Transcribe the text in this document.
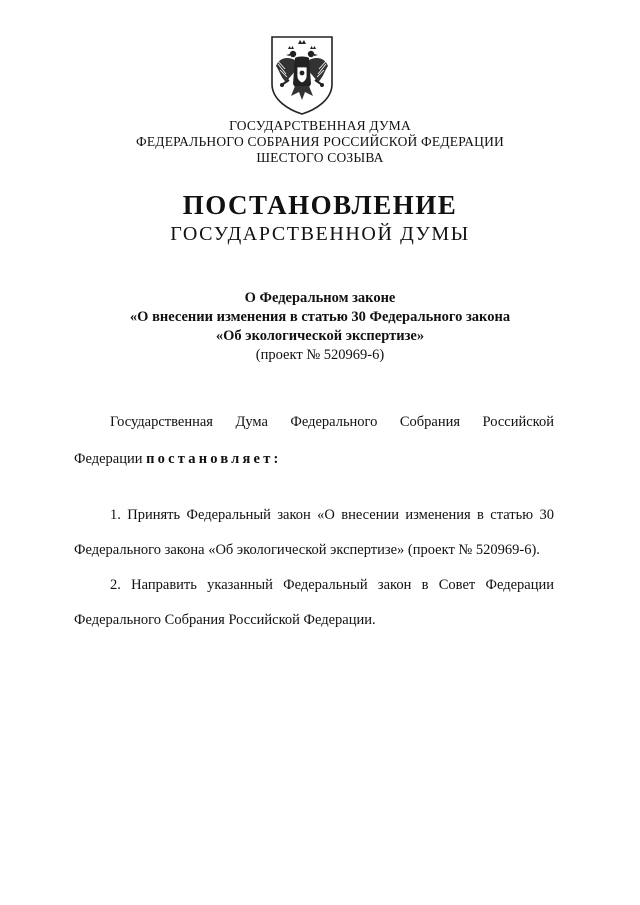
ГОСУДАРСТВЕННАЯ ДУМА
ФЕДЕРАЛЬНОГО СОБРАНИЯ РОССИЙСКОЙ ФЕДЕРАЦИИ
ШЕСТОГО СОЗЫВА
ПОСТАНОВЛЕНИЕ
ГОСУДАРСТВЕННОЙ ДУМЫ
О Федеральном законе
«О внесении изменения в статью 30 Федерального закона
«Об экологической экспертизе»
(проект № 520969-6)
Государственная Дума Федерального Собрания Российской
Федерации постановляет:
1. Принять Федеральный закон «О внесении изменения в статью 30
Федерального закона «Об экологической экспертизе» (проект № 520969-6).
2. Направить указанный Федеральный закон в Совет Федерации
Федерального Собрания Российской Федерации.
